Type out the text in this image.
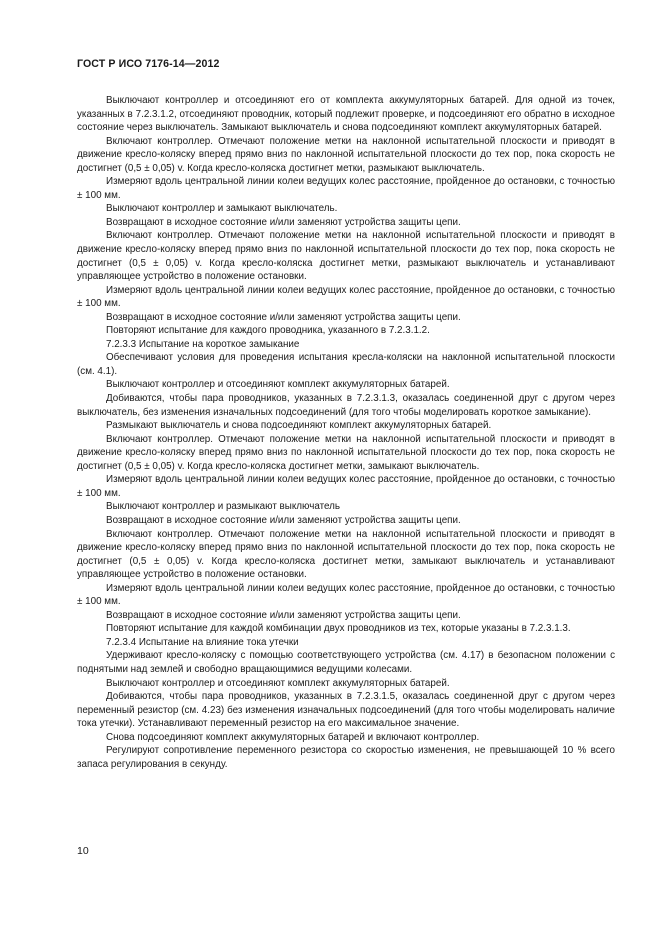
ГОСТ Р ИСО 7176-14—2012

Выключают контроллер и отсоединяют его от комплекта аккумуляторных батарей. Для одной из точек, указанных в 7.2.3.1.2, отсоединяют проводник, который подлежит проверке, и подсоединяют его обратно в исходное состояние через выключатель. Замыкают выключатель и снова подсоединяют комплект аккумуляторных батарей.

Включают контроллер. Отмечают положение метки на наклонной испытательной плоскости и приводят в движение кресло-коляску вперед прямо вниз по наклонной испытательной плоскости до тех пор, пока скорость не достигнет (0,5 ± 0,05) v. Когда кресло-коляска достигнет метки, размыкают выключатель.

Измеряют вдоль центральной линии колеи ведущих колес расстояние, пройденное до остановки, с точностью ± 100 мм.

Выключают контроллер и замыкают выключатель.

Возвращают в исходное состояние и/или заменяют устройства защиты цепи.

Включают контроллер. Отмечают положение метки на наклонной испытательной плоскости и приводят в движение кресло-коляску вперед прямо вниз по наклонной испытательной плоскости до тех пор, пока скорость не достигнет (0,5 ± 0,05) v. Когда кресло-коляска достигнет метки, размыкают выключатель и устанавливают управляющее устройство в положение остановки.

Измеряют вдоль центральной линии колеи ведущих колес расстояние, пройденное до остановки, с точностью ± 100 мм.

Возвращают в исходное состояние и/или заменяют устройства защиты цепи.

Повторяют испытание для каждого проводника, указанного в 7.2.3.1.2.

7.2.3.3 Испытание на короткое замыкание

Обеспечивают условия для проведения испытания кресла-коляски на наклонной испытательной плоскости (см. 4.1).

Выключают контроллер и отсоединяют комплект аккумуляторных батарей.

Добиваются, чтобы пара проводников, указанных в 7.2.3.1.3, оказалась соединенной друг с другом через выключатель, без изменения изначальных подсоединений (для того чтобы моделировать короткое замыкание).

Размыкают выключатель и снова подсоединяют комплект аккумуляторных батарей.

Включают контроллер. Отмечают положение метки на наклонной испытательной плоскости и приводят в движение кресло-коляску вперед прямо вниз по наклонной испытательной плоскости до тех пор, пока скорость не достигнет (0,5 ± 0,05) v. Когда кресло-коляска достигнет метки, замыкают выключатель.

Измеряют вдоль центральной линии колеи ведущих колес расстояние, пройденное до остановки, с точностью ± 100 мм.

Выключают контроллер и размыкают выключатель

Возвращают в исходное состояние и/или заменяют устройства защиты цепи.

Включают контроллер. Отмечают положение метки на наклонной испытательной плоскости и приводят в движение кресло-коляску вперед прямо вниз по наклонной испытательной плоскости до тех пор, пока скорость не достигнет (0,5 ± 0,05) v. Когда кресло-коляска достигнет метки, замыкают выключатель и устанавливают управляющее устройство в положение остановки.

Измеряют вдоль центральной линии колеи ведущих колес расстояние, пройденное до остановки, с точностью ± 100 мм.

Возвращают в исходное состояние и/или заменяют устройства защиты цепи.

Повторяют испытание для каждой комбинации двух проводников из тех, которые указаны в 7.2.3.1.3.

7.2.3.4 Испытание на влияние тока утечки

Удерживают кресло-коляску с помощью соответствующего устройства (см. 4.17) в безопасном положении с поднятыми над землей и свободно вращающимися ведущими колесами.

Выключают контроллер и отсоединяют комплект аккумуляторных батарей.

Добиваются, чтобы пара проводников, указанных в 7.2.3.1.5, оказалась соединенной друг с другом через переменный резистор (см. 4.23) без изменения изначальных подсоединений (для того чтобы моделировать наличие тока утечки). Устанавливают переменный резистор на его максимальное значение.

Снова подсоединяют комплект аккумуляторных батарей и включают контроллер.

Регулируют сопротивление переменного резистора со скоростью изменения, не превышающей 10 % всего запаса регулирования в секунду.

10
